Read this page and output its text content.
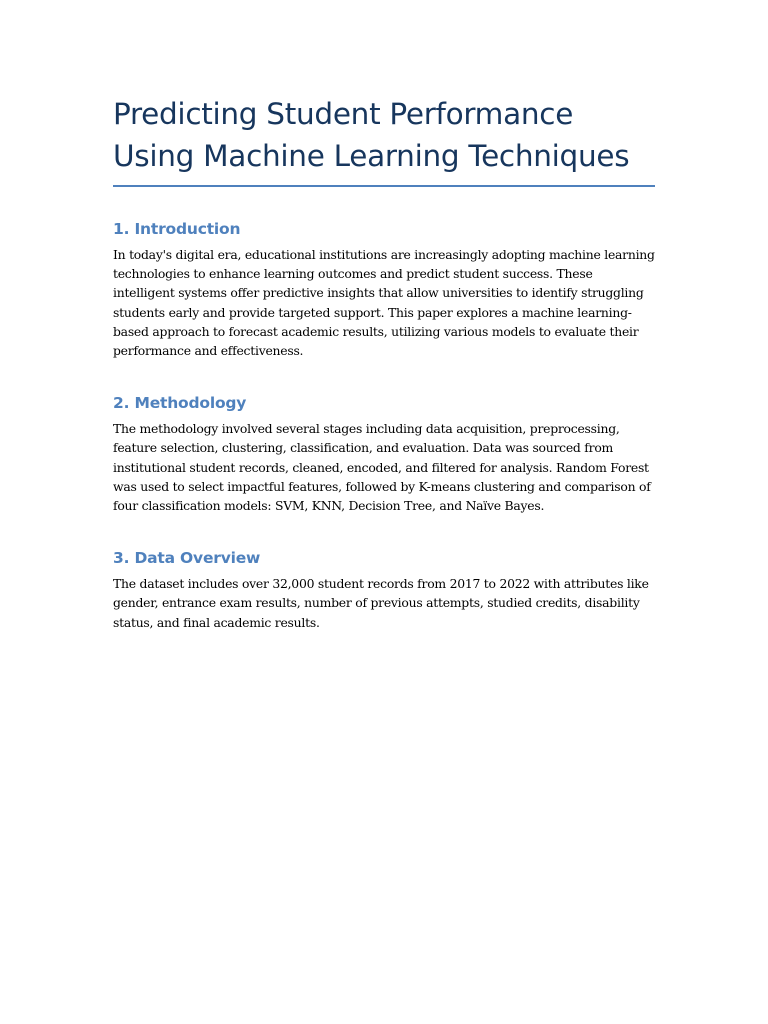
Predicting Student Performance Using Machine Learning Techniques
1. Introduction

In today's digital era, educational institutions are increasingly adopting machine learning technologies to enhance learning outcomes and predict student success. These intelligent systems offer predictive insights that allow universities to identify struggling students early and provide targeted support. This paper explores a machine learning-based approach to forecast academic results, utilizing various models to evaluate their performance and effectiveness.

2. Methodology

The methodology involved several stages including data acquisition, preprocessing, feature selection, clustering, classification, and evaluation. Data was sourced from institutional student records, cleaned, encoded, and filtered for analysis. Random Forest was used to select impactful features, followed by K-means clustering and comparison of four classification models: SVM, KNN, Decision Tree, and Naïve Bayes.

3. Data Overview

The dataset includes over 32,000 student records from 2017 to 2022 with attributes like gender, entrance exam results, number of previous attempts, studied credits, disability status, and final academic results.
